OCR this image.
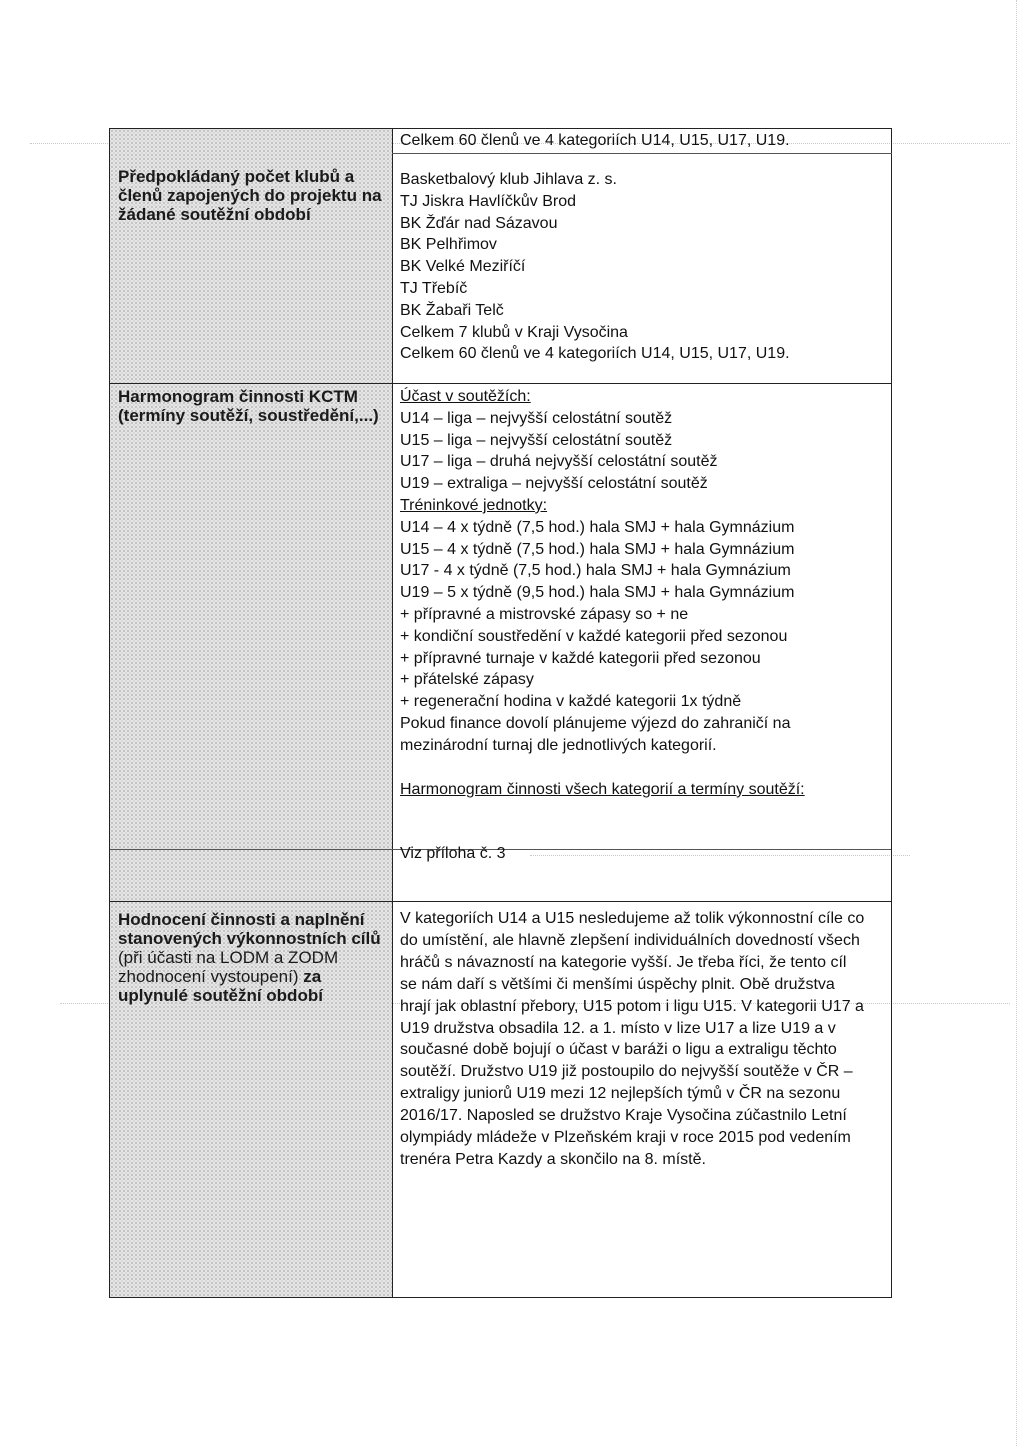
Předpokládaný počet klubů a členů zapojených do projektu na žádané soutěžní období
Harmonogram činnosti KCTM (termíny soutěží, soustředění,...)
Hodnocení činnosti a naplnění stanovených výkonnostních cílů (při účasti na LODM a ZODM zhodnocení vystoupení) za uplynulé soutěžní období
Celkem 60 členů ve 4 kategoriích U14, U15, U17, U19.
Basketbalový klub Jihlava z. s.
TJ Jiskra Havlíčkův Brod
BK Žďár nad Sázavou
BK Pelhřimov
BK Velké Meziříčí
TJ Třebíč
BK Žabaři Telč
Celkem 7 klubů v Kraji Vysočina
Celkem 60 členů ve 4 kategoriích U14, U15, U17, U19.
Účast v soutěžích:
U14 – liga – nejvyšší celostátní soutěž
U15 – liga – nejvyšší celostátní soutěž
U17 – liga – druhá nejvyšší celostátní soutěž
U19 – extraliga – nejvyšší celostátní soutěž
Tréninkové jednotky:
U14 – 4 x týdně (7,5 hod.) hala SMJ + hala Gymnázium
U15 – 4 x týdně (7,5 hod.) hala SMJ + hala Gymnázium
U17 - 4 x týdně (7,5 hod.) hala SMJ + hala Gymnázium
U19 – 5 x týdně (9,5 hod.) hala SMJ + hala Gymnázium
+ přípravné a mistrovské zápasy so + ne
+ kondiční soustředění v každé kategorii před sezonou
+ přípravné turnaje v každé kategorii před sezonou
+ přátelské zápasy
+ regenerační hodina v každé kategorii 1x týdně
Pokud finance dovolí plánujeme výjezd do zahraničí na mezinárodní turnaj dle jednotlivých kategorií.
Harmonogram činnosti všech kategorií a termíny soutěží:
Viz příloha č. 3
V kategoriích U14 a U15 nesledujeme až tolik výkonnostní cíle co do umístění, ale hlavně zlepšení individuálních dovedností všech hráčů s návazností na kategorie vyšší. Je třeba říci, že tento cíl se nám daří s většími či menšími úspěchy plnit. Obě družstva hrají jak oblastní přebory, U15 potom i ligu U15. V kategorii U17 a U19 družstva obsadila 12. a 1. místo v lize U17 a lize U19 a v současné době bojují o účast v baráži o ligu a extraligu těchto soutěží. Družstvo U19 již postoupilo do nejvyšší soutěže v ČR – extraligy juniorů U19 mezi 12 nejlepších týmů v ČR na sezonu 2016/17. Naposled se družstvo Kraje Vysočina zúčastnilo Letní olympiády mládeže v Plzeňském kraji v roce 2015 pod vedením trenéra Petra Kazdy a skončilo na 8. místě.
